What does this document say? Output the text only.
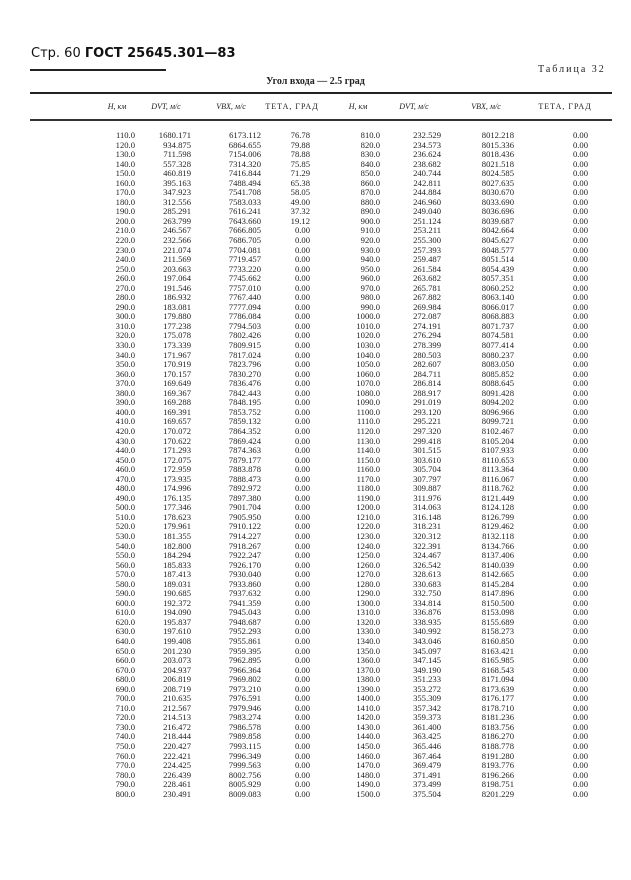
Стр. 60 ГОСТ 25645.301—83
Таблица 32
Угол входа — 2.5 град
H, км	DVT, м/с	VBX, м/с ТЕТА, ГРАД	H, км	DVT, м/с	VBX, м/с	ТЕТА, ГРАД
110.0	1680.171	6173.112	76.78	810.0	232.529	8012.218	0.00
120.0	934.875	6864.655	79.88	820.0	234.573	8015.336	0.00
130.0	711.598	7154.006	78.88	830.0	236.624	8018.436	0.00
140.0	557.328	7314.320	75.85	840.0	238.682	8021.518	0.00
150.0	460.819	7416.844	71.29	850.0	240.744	8024.585	0.00
160.0	395.163	7488.494	65.38	860.0	242.811	8027.635	0.00
170.0	347.923	7541.708	58.05	870.0	244.884	8030.670	0.00
180.0	312.556	7583.033	49.00	880.0	246.960	8033.690	0.00
190.0	285.291	7616.241	37.32	890.0	249.040	8036.696	0.00
200.0	263.799	7643.660	19.12	900.0	251.124	8039.687	0.00
210.0	246.567	7666.805	0.00	910.0	253.211	8042.664	0.00
220.0	232.566	7686.705	0.00	920.0	255.300	8045.627	0.00
230.0	221.074	7704.081	0.00	930.0	257.393	8048.577	0.00
240.0	211.569	7719.457	0.00	940.0	259.487	8051.514	0.00
250.0	203.663	7733.220	0.00	950.0	261.584	8054.439	0.00
260.0	197.064	7745.662	0.00	960.0	263.682	8057.351	0.00
270.0	191.546	7757.010	0.00	970.0	265.781	8060.252	0.00
280.0	186.932	7767.440	0.00	980.0	267.882	8063.140	0.00
290.0	183.081	7777.094	0.00	990.0	269.984	8066.017	0.00
300.0	179.880	7786.084	0.00	1000.0	272.087	8068.883	0.00
310.0	177.238	7794.503	0.00	1010.0	274.191	8071.737	0.00
320.0	175.078	7802.426	0.00	1020.0	276.294	8074.581	0.00
330.0	173.339	7809.915	0.00	1030.0	278.399	8077.414	0.00
340.0	171.967	7817.024	0.00	1040.0	280.503	8080.237	0.00
350.0	170.919	7823.796	0.00	1050.0	282.607	8083.050	0.00
360.0	170.157	7830.270	0.00	1060.0	284.711	8085.852	0.00
370.0	169.649	7836.476	0.00	1070.0	286.814	8088.645	0.00
380.0	169.367	7842.443	0.00	1080.0	288.917	8091.428	0.00
390.0	169.288	7848.195	0.00	1090.0	291.019	8094.202	0.00
400.0	169.391	7853.752	0.00	1100.0	293.120	8096.966	0.00
410.0	169.657	7859.132	0.00	1110.0	295.221	8099.721	0.00
420.0	170.072	7864.352	0.00	1120.0	297.320	8102.467	0.00
430.0	170.622	7869.424	0.00	1130.0	299.418	8105.204	0.00
440.0	171.293	7874.363	0.00	1140.0	301.515	8107.933	0.00
450.0	172.075	7879.177	0.00	1150.0	303.610	8110.653	0.00
460.0	172.959	7883.878	0.00	1160.0	305.704	8113.364	0.00
470.0	173.935	7888.473	0.00	1170.0	307.797	8116.067	0.00
480.0	174.996	7892.972	0.00	1180.0	309.887	8118.762	0.00
490.0	176.135	7897.380	0.00	1190.0	311.976	8121.449	0.00
500.0	177.346	7901.704	0.00	1200.0	314.063	8124.128	0.00
510.0	178.623	7905.950	0.00	1210.0	316.148	8126.799	0.00
520.0	179.961	7910.122	0.00	1220.0	318.231	8129.462	0.00
530.0	181.355	7914.227	0.00	1230.0	320.312	8132.118	0.00
540.0	182.800	7918.267	0.00	1240.0	322.391	8134.766	0.00
550.0	184.294	7922.247	0.00	1250.0	324.467	8137.406	0.00
560.0	185.833	7926.170	0.00	1260.0	326.542	8140.039	0.00
570.0	187.413	7930.040	0.00	1270.0	328.613	8142.665	0.00
580.0	189.031	7933.860	0.00	1280.0	330.683	8145.284	0.00
590.0	190.685	7937.632	0.00	1290.0	332.750	8147.896	0.00
600.0	192.372	7941.359	0.00	1300.0	334.814	8150.500	0.00
610.0	194.090	7945.043	0.00	1310.0	336.876	8153.098	0.00
620.0	195.837	7948.687	0.00	1320.0	338.935	8155.689	0.00
630.0	197.610	7952.293	0.00	1330.0	340.992	8158.273	0.00
640.0	199.408	7955.861	0.00	1340.0	343.046	8160.850	0.00
650.0	201.230	7959.395	0.00	1350.0	345.097	8163.421	0.00
660.0	203.073	7962.895	0.00	1360.0	347.145	8165.985	0.00
670.0	204.937	7966.364	0.00	1370.0	349.190	8168.543	0.00
680.0	206.819	7969.802	0.00	1380.0	351.233	8171.094	0.00
690.0	208.719	7973.210	0.00	1390.0	353.272	8173.639	0.00
700.0	210.635	7976.591	0.00	1400.0	355.309	8176.177	0.00
710.0	212.567	7979.946	0.00	1410.0	357.342	8178.710	0.00
720.0	214.513	7983.274	0.00	1420.0	359.373	8181.236	0.00
730.0	216.472	7986.578	0.00	1430.0	361.400	8183.756	0.00
740.0	218.444	7989.858	0.00	1440.0	363.425	8186.270	0.00
750.0	220.427	7993.115	0.00	1450.0	365.446	8188.778	0.00
760.0	222.421	7996.349	0.00	1460.0	367.464	8191.280	0.00
770.0	224.425	7999.563	0.00	1470.0	369.479	8193.776	0.00
780.0	226.439	8002.756	0.00	1480.0	371.491	8196.266	0.00
790.0	228.461	8005.929	0.00	1490.0	373.499	8198.751	0.00
800.0	230.491	8009.083	0.00	1500.0	375.504	8201.229	0.00
